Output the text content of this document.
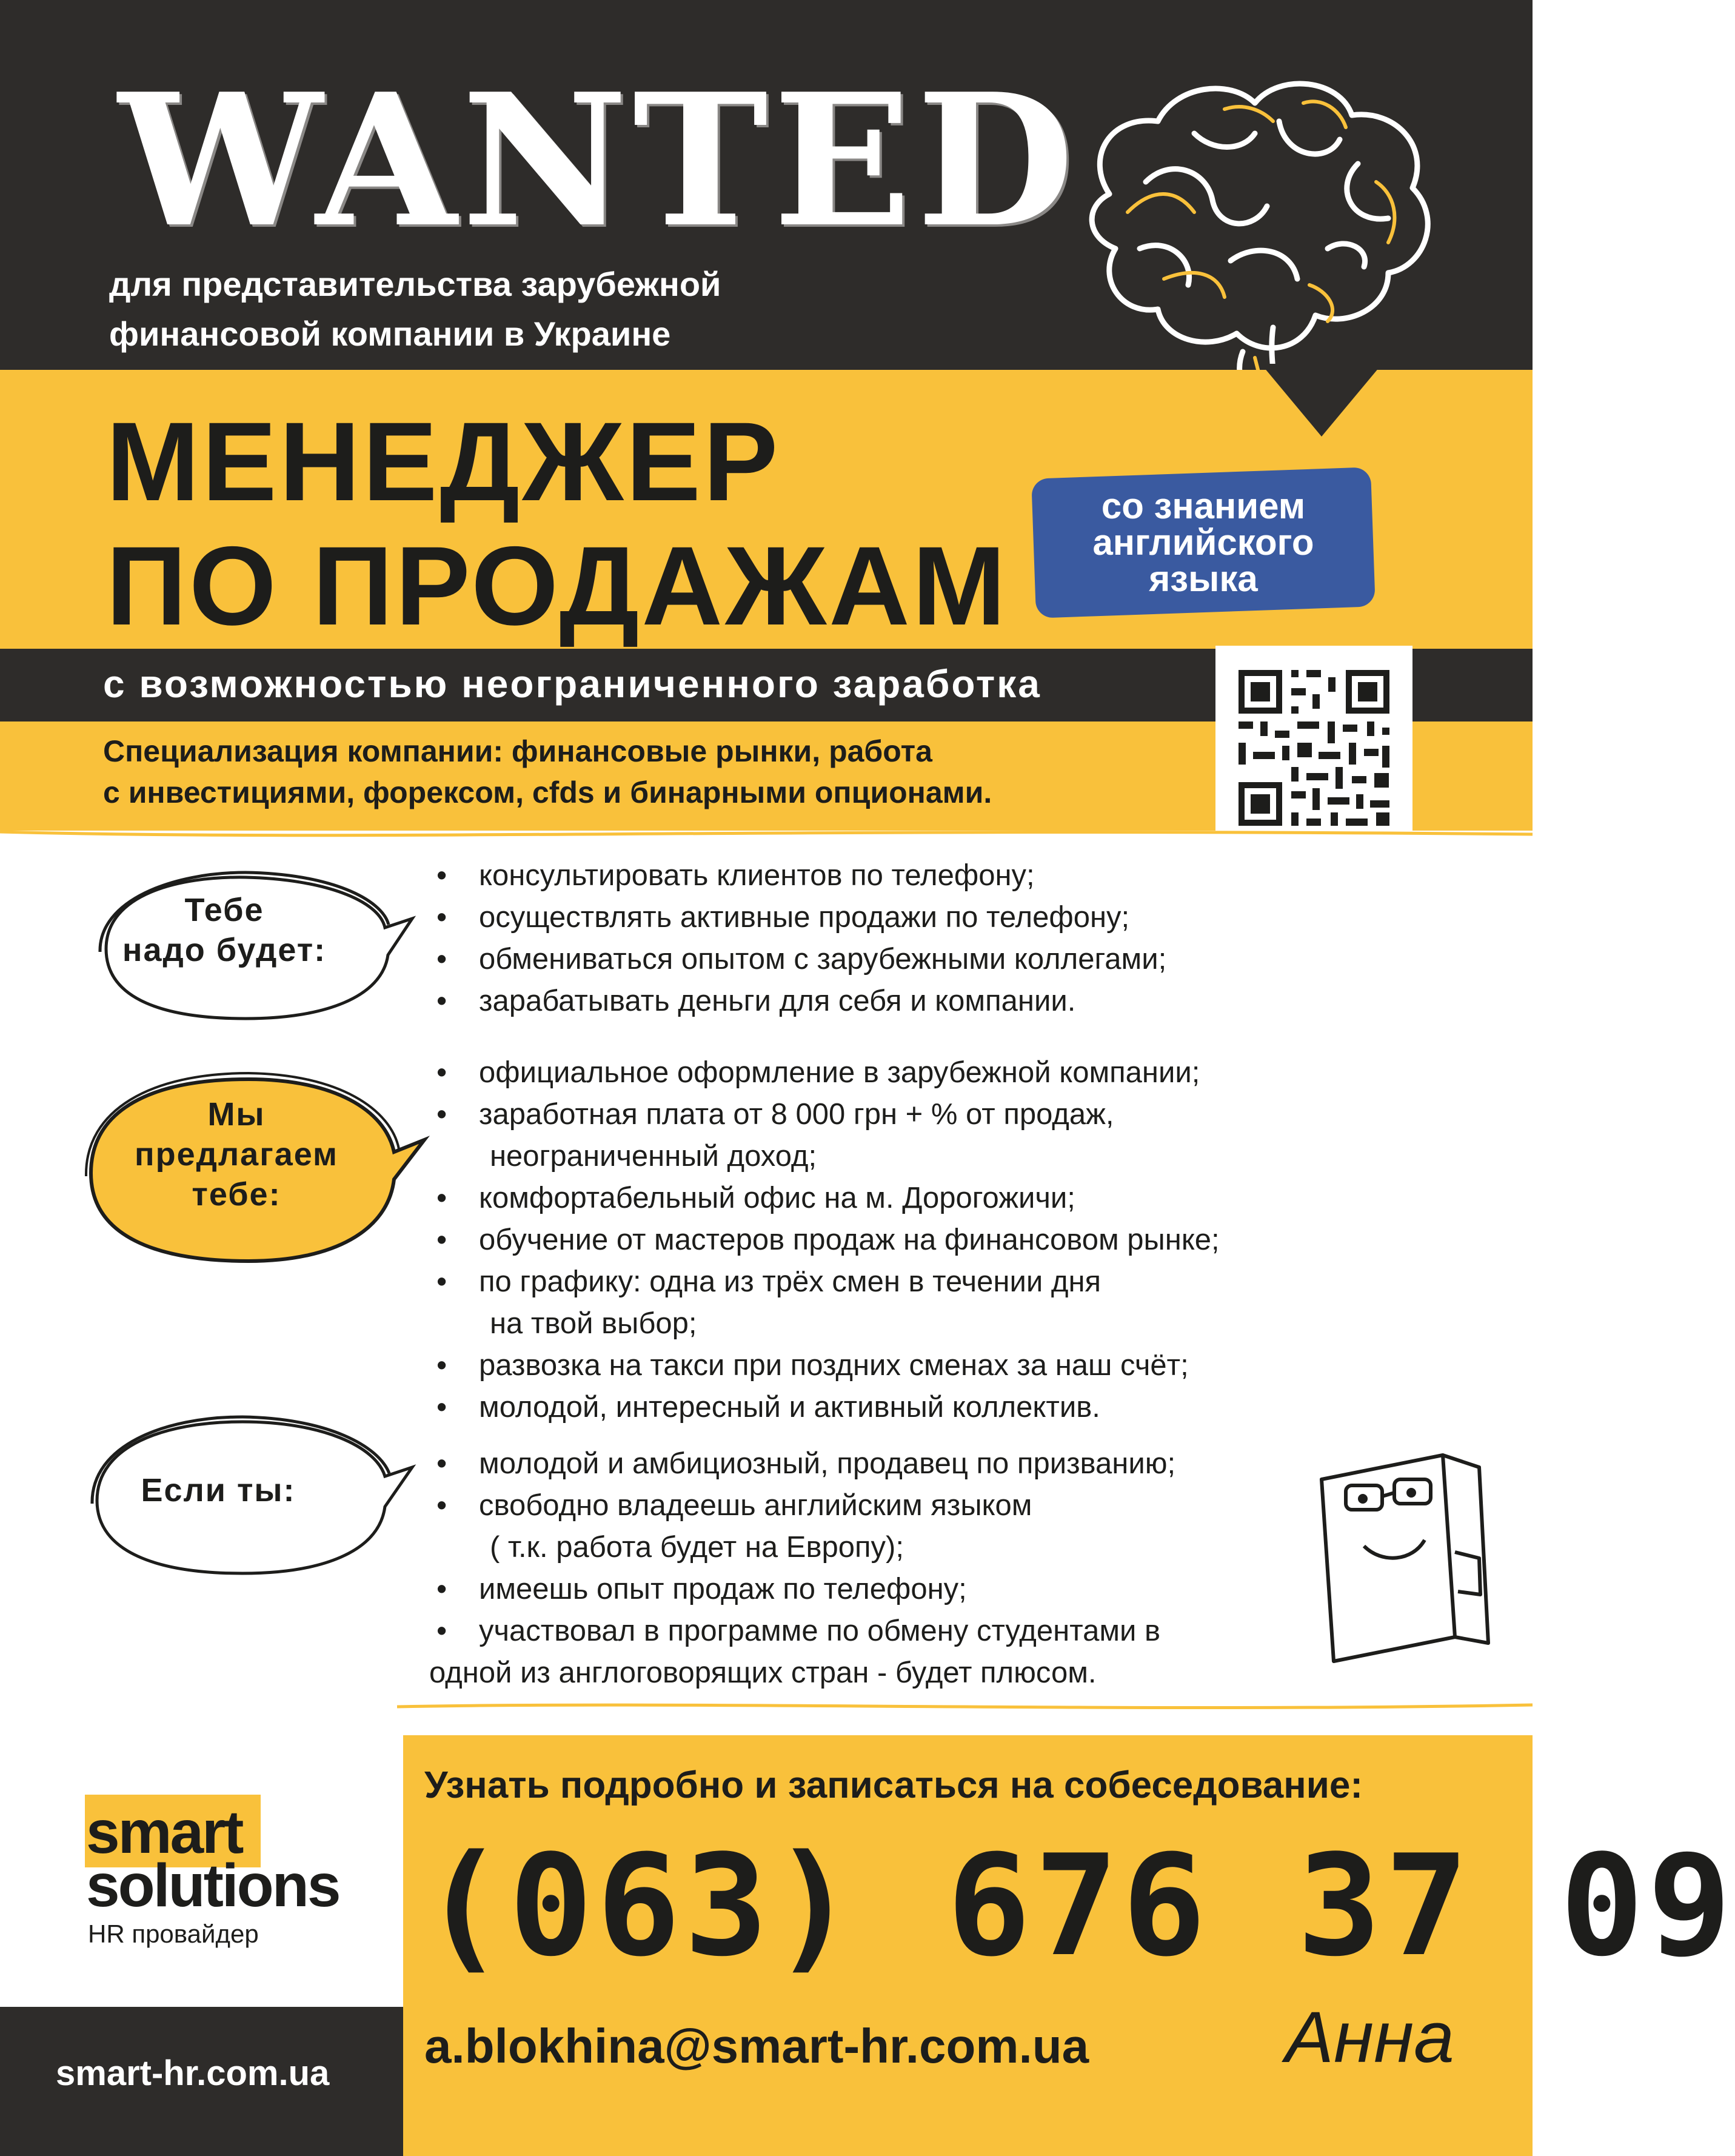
WANTED
для представительства зарубежной
финансовой компании в Украине
МЕНЕДЖЕР
ПО ПРОДАЖАМ
со знанием
английского
языка
с возможностью неограниченного заработка
Специализация компании: финансовые рынки, работа
с инвестициями, форексом, cfds и бинарными опционами.
Тебе
надо будет:
• консультировать клиентов по телефону;
• осуществлять активные продажи по телефону;
• обмениваться опытом с зарубежными коллегами;
• зарабатывать деньги для себя и компании.
Мы
предлагаем
тебе:
• официальное оформление в зарубежной компании;
• заработная плата от 8 000 грн + % от продаж,
неограниченный доход;
• комфортабельный офис на м. Дорогожичи;
• обучение от мастеров продаж на финансовом рынке;
• по графику: одна из трёх смен в течении дня
на твой выбор;
• развозка на такси при поздних сменах за наш счёт;
• молодой, интересный и активный коллектив.
Если ты:
• молодой и амбициозный, продавец по призванию;
• свободно владеешь английским языком
( т.к. работа будет на Европу);
• имеешь опыт продаж по телефону;
• участвовал в программе по обмену студентами в
одной из англоговорящих стран - будет плюсом.
Узнать подробно и записаться на собеседование:
(063) 676 37 09
a.blokhina@smart-hr.com.ua	Анна
smart
solutions
HR провайдер
smart-hr.com.ua
